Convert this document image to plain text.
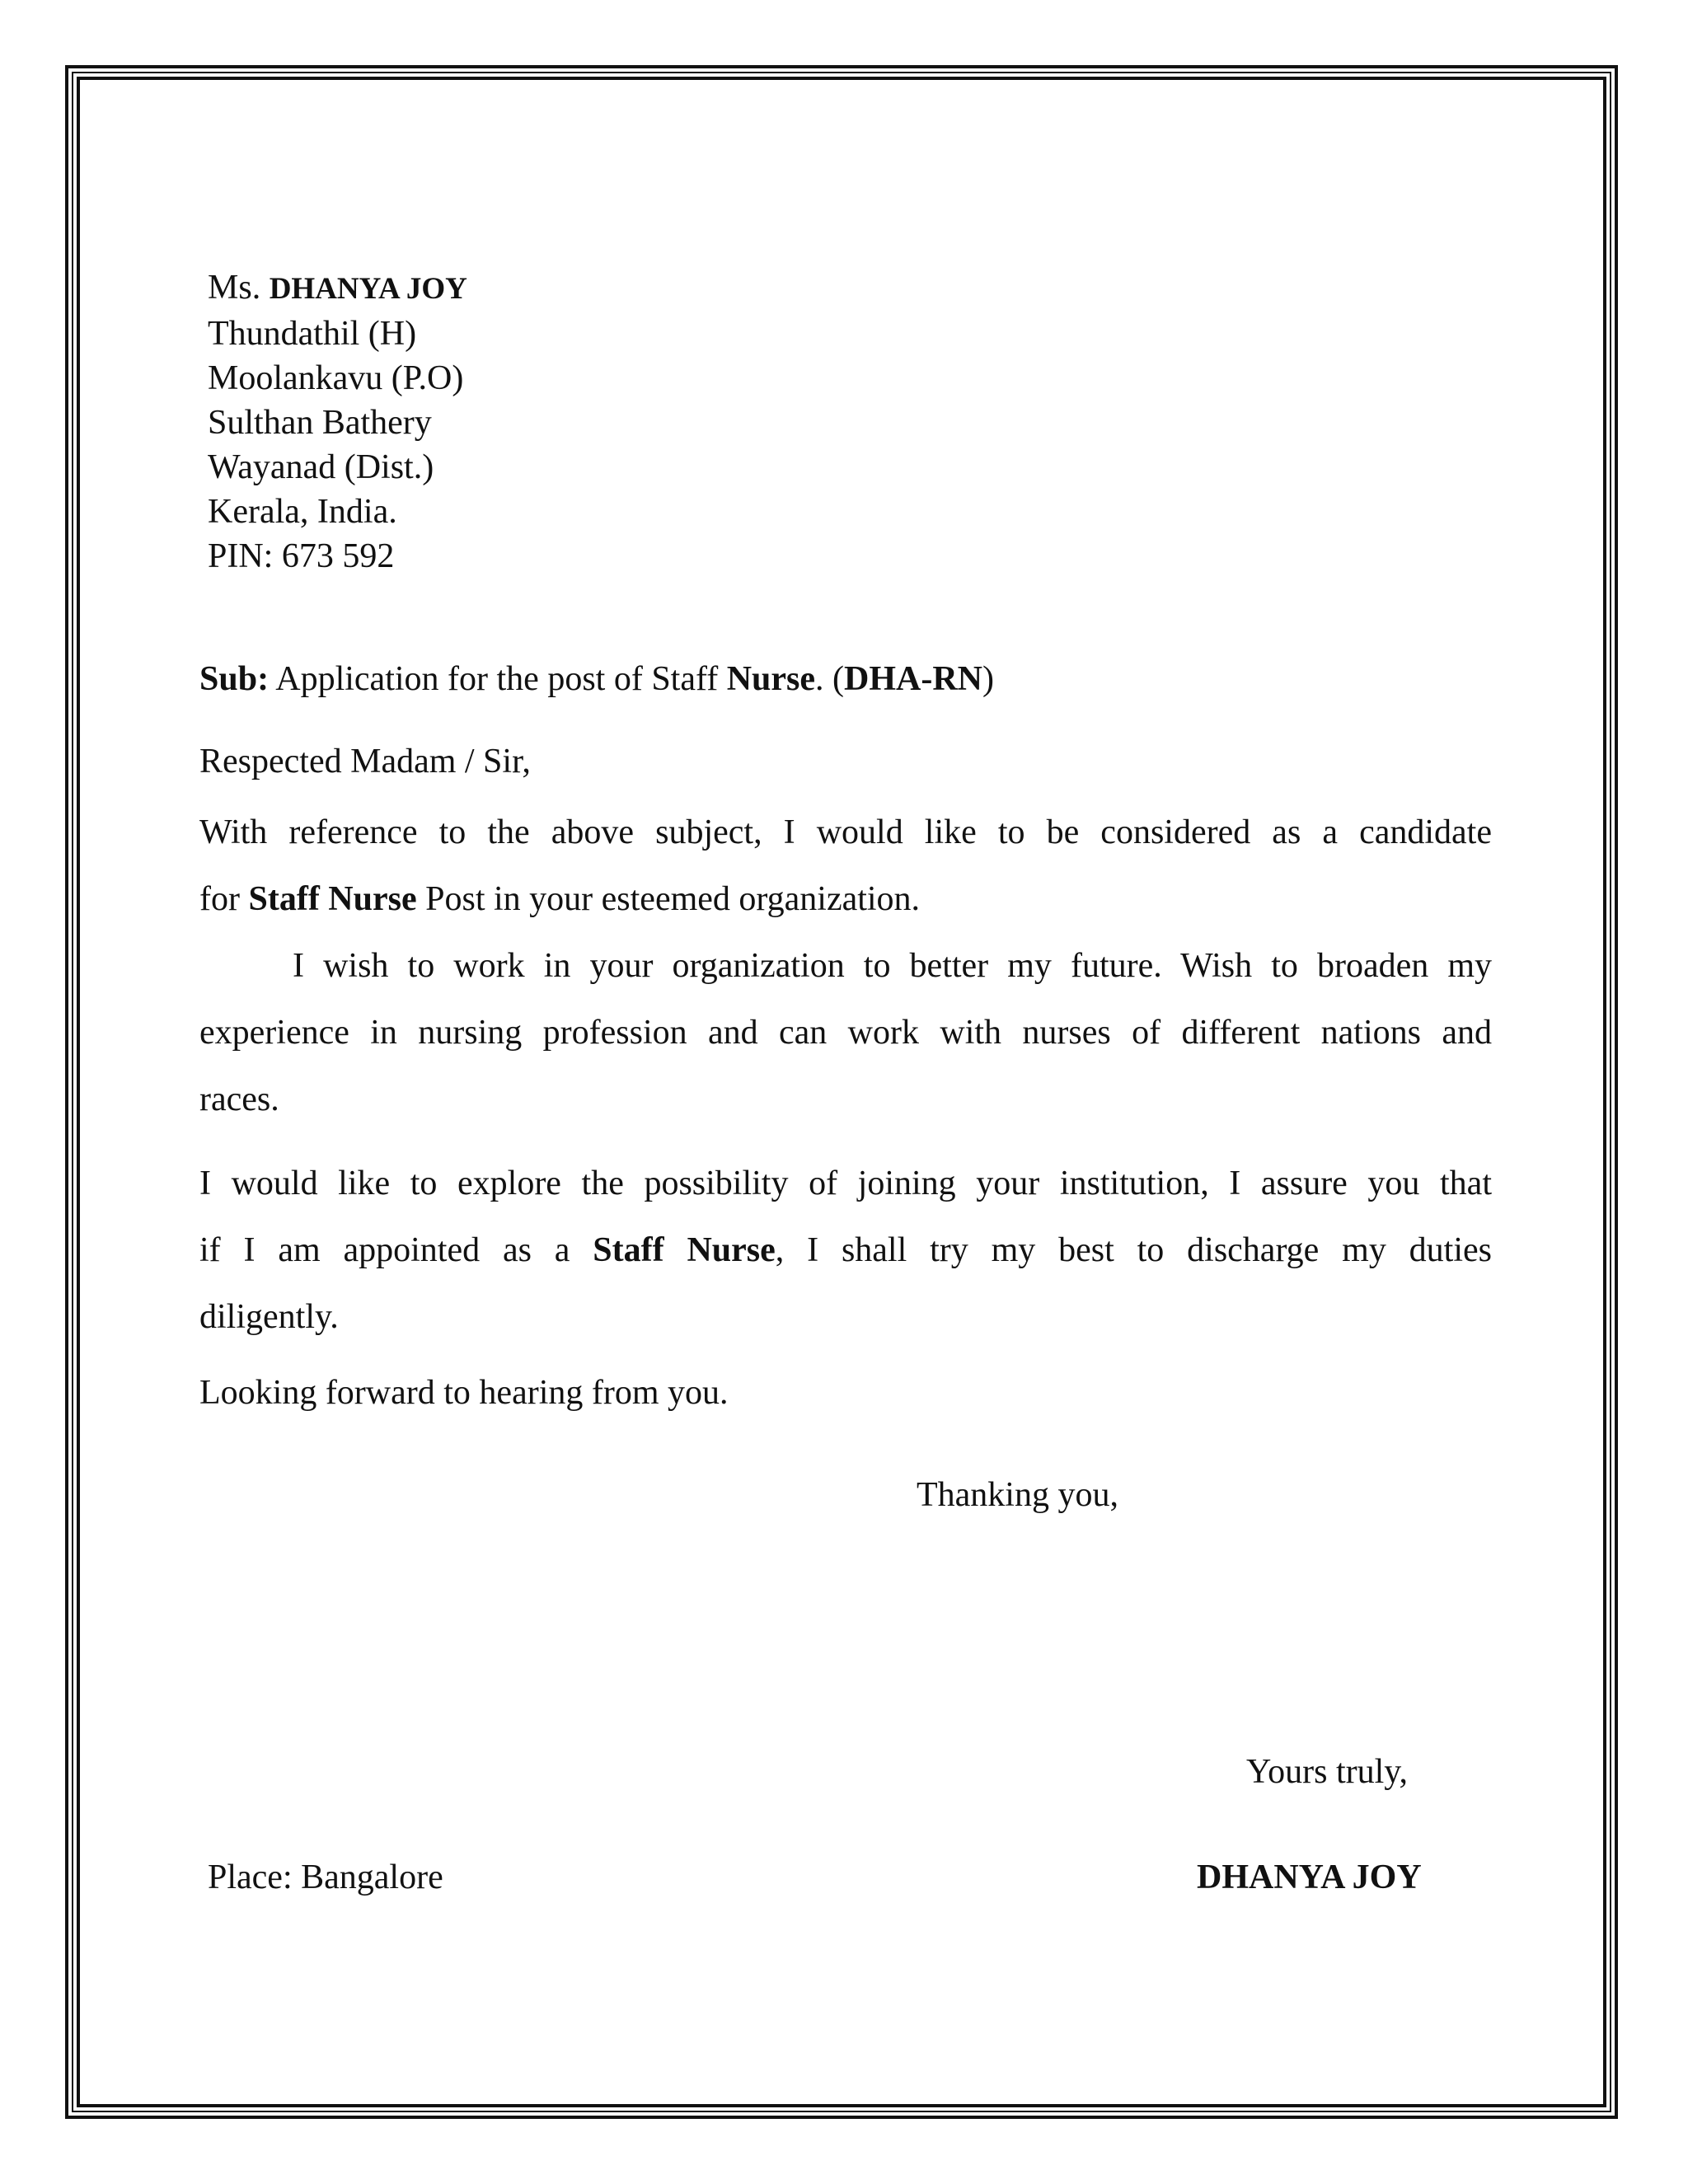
Ms. DHANYA JOY
Thundathil (H)
Moolankavu (P.O)
Sulthan Bathery
Wayanad (Dist.)
Kerala, India.
PIN: 673 592
Sub: Application for the post of Staff Nurse. (DHA-RN)
Respected Madam / Sir,
With reference to the above subject, I would like to be considered as a candidate
for Staff Nurse Post in your esteemed organization.
I wish to work in your organization to better my future. Wish to broaden my
experience in nursing profession and can work with nurses of different nations and
races.
I would like to explore the possibility of joining your institution, I assure you that
if I am appointed as a Staff Nurse, I shall try my best to discharge my duties
diligently.
Looking forward to hearing from you.
Thanking you,
Yours truly,
Place: Bangalore	DHANYA JOY
